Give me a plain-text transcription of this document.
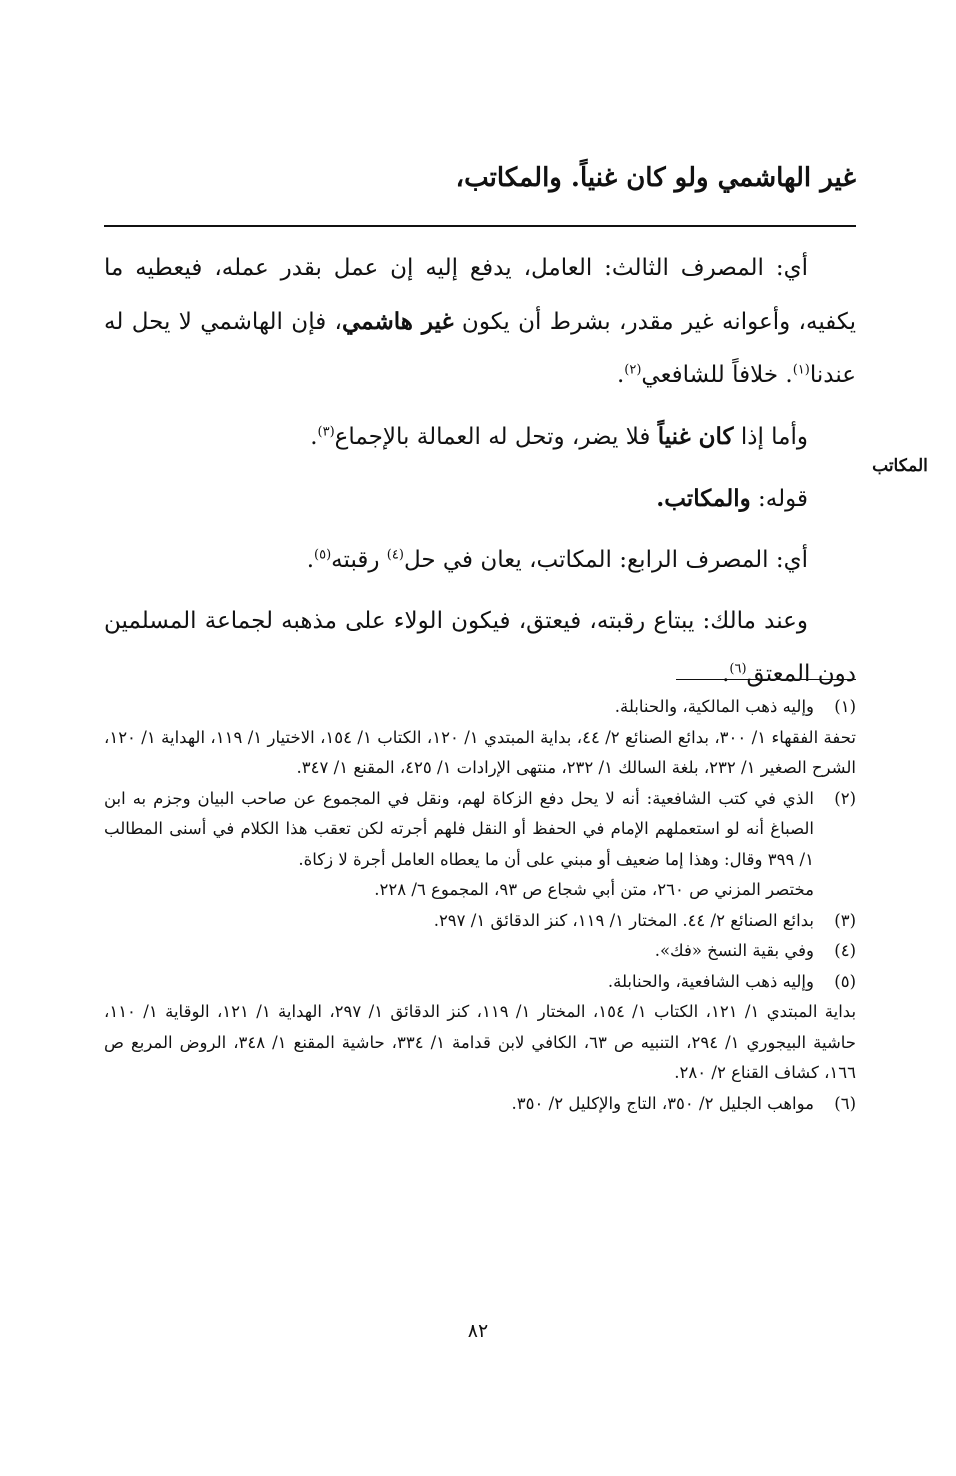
غير الهاشمي ولو كان غنياً. والمكاتب،
المكاتب

أي: المصرف الثالث: العامل، يدفع إليه إن عمل بقدر عمله، فيعطيه ما يكفيه، وأعوانه غير مقدر، بشرط أن يكون غير هاشمي، فإن الهاشمي لا يحل له عندنا$^{(١)}$. خلافاً للشافعي$^{(٢)}$.

وأما إذا كان غنياً فلا يضر، وتحل له العمالة بالإجماع$^{(٣)}$.

قوله: والمكاتب.

أي: المصرف الرابع: المكاتب، يعان في حل$^{(٤)}$ رقبته$^{(٥)}$.

وعند مالك: يبتاع رقبته، فيعتق، فيكون الولاء على مذهبه لجماعة المسلمين دون المعتق$^{(٦)}$.

(١)
وإليه ذهب المالكية، والحنابلة.

تحفة الفقهاء ١/ ٣٠٠، بدائع الصنائع ٢/ ٤٤، بداية المبتدي ١/ ١٢٠، الكتاب ١/ ١٥٤، الاختيار ١/ ١١٩، الهداية ١/ ١٢٠، الشرح الصغير ١/ ٢٣٢، بلغة السالك ١/ ٢٣٢، منتهى الإرادات ١/ ٤٢٥، المقنع ١/ ٣٤٧.

(٢)
الذي في كتب الشافعية: أنه لا يحل دفع الزكاة لهم، ونقل في المجموع عن صاحب البيان وجزم به ابن الصباغ أنه لو استعملهم الإمام في الحفظ أو النقل فلهم أجرته لكن تعقب هذا الكلام في أسنى المطالب ١/ ٣٩٩ وقال: وهذا إما ضعيف أو مبني على أن ما يعطاه العامل أجرة لا زكاة.

مختصر المزني ص ٢٦٠، متن أبي شجاع ص ٩٣، المجموع ٦/ ٢٢٨.

(٣)
بدائع الصنائع ٢/ ٤٤. المختار ١/ ١١٩، كنز الدقائق ١/ ٢٩٧.
(٤)
وفي بقية النسخ «فك».
(٥)
وإليه ذهب الشافعية، والحنابلة.

بداية المبتدي ١/ ١٢١، الكتاب ١/ ١٥٤، المختار ١/ ١١٩، كنز الدقائق ١/ ٢٩٧، الهداية ١/ ١٢١، الوقاية ١/ ١١٠، حاشية البيجوري ١/ ٢٩٤، التنبيه ص ٦٣، الكافي لابن قدامة ١/ ٣٣٤، حاشية المقنع ١/ ٣٤٨، الروض المربع ص ١٦٦، كشاف القناع ٢/ ٢٨٠.

(٦)
مواهب الجليل ٢/ ٣٥٠، التاج والإكليل ٢/ ٣٥٠.
٨٢
